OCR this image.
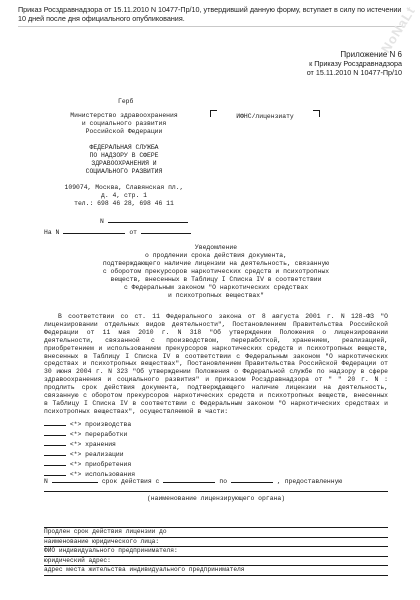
Приказ Росздравнадзора от 15.11.2010 N 10477-Пр/10, утвердивший данную форму, вступает в силу по истечении 10 дней после дня официального опубликования.	NoNaLt
Приложение N 6
к Приказу Росздравнадзора
от 15.11.2010 N 10477-Пр/10
Герб
Министерство здравоохранения
и социального развития
Российской Федерации
ФЕДЕРАЛЬНАЯ СЛУЖБА
ПО НАДЗОРУ В СФЕРЕ
ЗДРАВООХРАНЕНИЯ И
СОЦИАЛЬНОГО РАЗВИТИЯ
109074, Москва, Славянская пл.,
д. 4, стр. 1
тел.: 698 46 28, 698 46 11
N
На N	от
ИФНС/лицензиату
Уведомление
о продлении срока действия документа,
подтверждающего наличие лицензии на деятельность, связанную
с оборотом прекурсоров наркотических средств и психотропных
веществ, внесенных в Таблицу I Списка IV в соответствии
с Федеральным законом "О наркотических средствах
и психотропных веществах"
В соответствии со ст. 11 Федерального закона от 8 августа 2001 г. N 128-ФЗ "О лицензировании отдельных видов деятельности", Постановлением Правительства Российской Федерации от 11 мая 2010 г. N 318 "Об утверждении Положения о лицензировании деятельности, связанной с производством, переработкой, хранением, реализацией, приобретением и использованием прекурсоров наркотических средств и психотропных веществ, внесенных в Таблицу I Списка IV в соответствии с Федеральным законом "О наркотических средствах и психотропных веществах", Постановлением Правительства Российской Федерации от 30 июня 2004 г. N 323 "Об утверждении Положения о Федеральной службе по надзору в сфере здравоохранения и социального развития" и приказом Росздравнадзора от " " 20 г. N : продлить срок действия документа, подтверждающего наличие лицензии на деятельность, связанную с оборотом прекурсоров наркотических средств и психотропных веществ, внесенных в Таблицу I Списка IV в соответствии с Федеральным законом "О наркотических средствах и психотропных веществах", осуществляемой в части:
<*> производства
<*> переработки
<*> хранения
<*> реализации
<*> приобретения
<*> использования
N	срок действия с	по	, предоставленную
(наименование лицензирующего органа)
Продлен срок действия лицензии до
наименование юридического лица:
ФИО индивидуального предпринимателя:
юридический адрес:
адрес места жительства индивидуального предпринимателя
